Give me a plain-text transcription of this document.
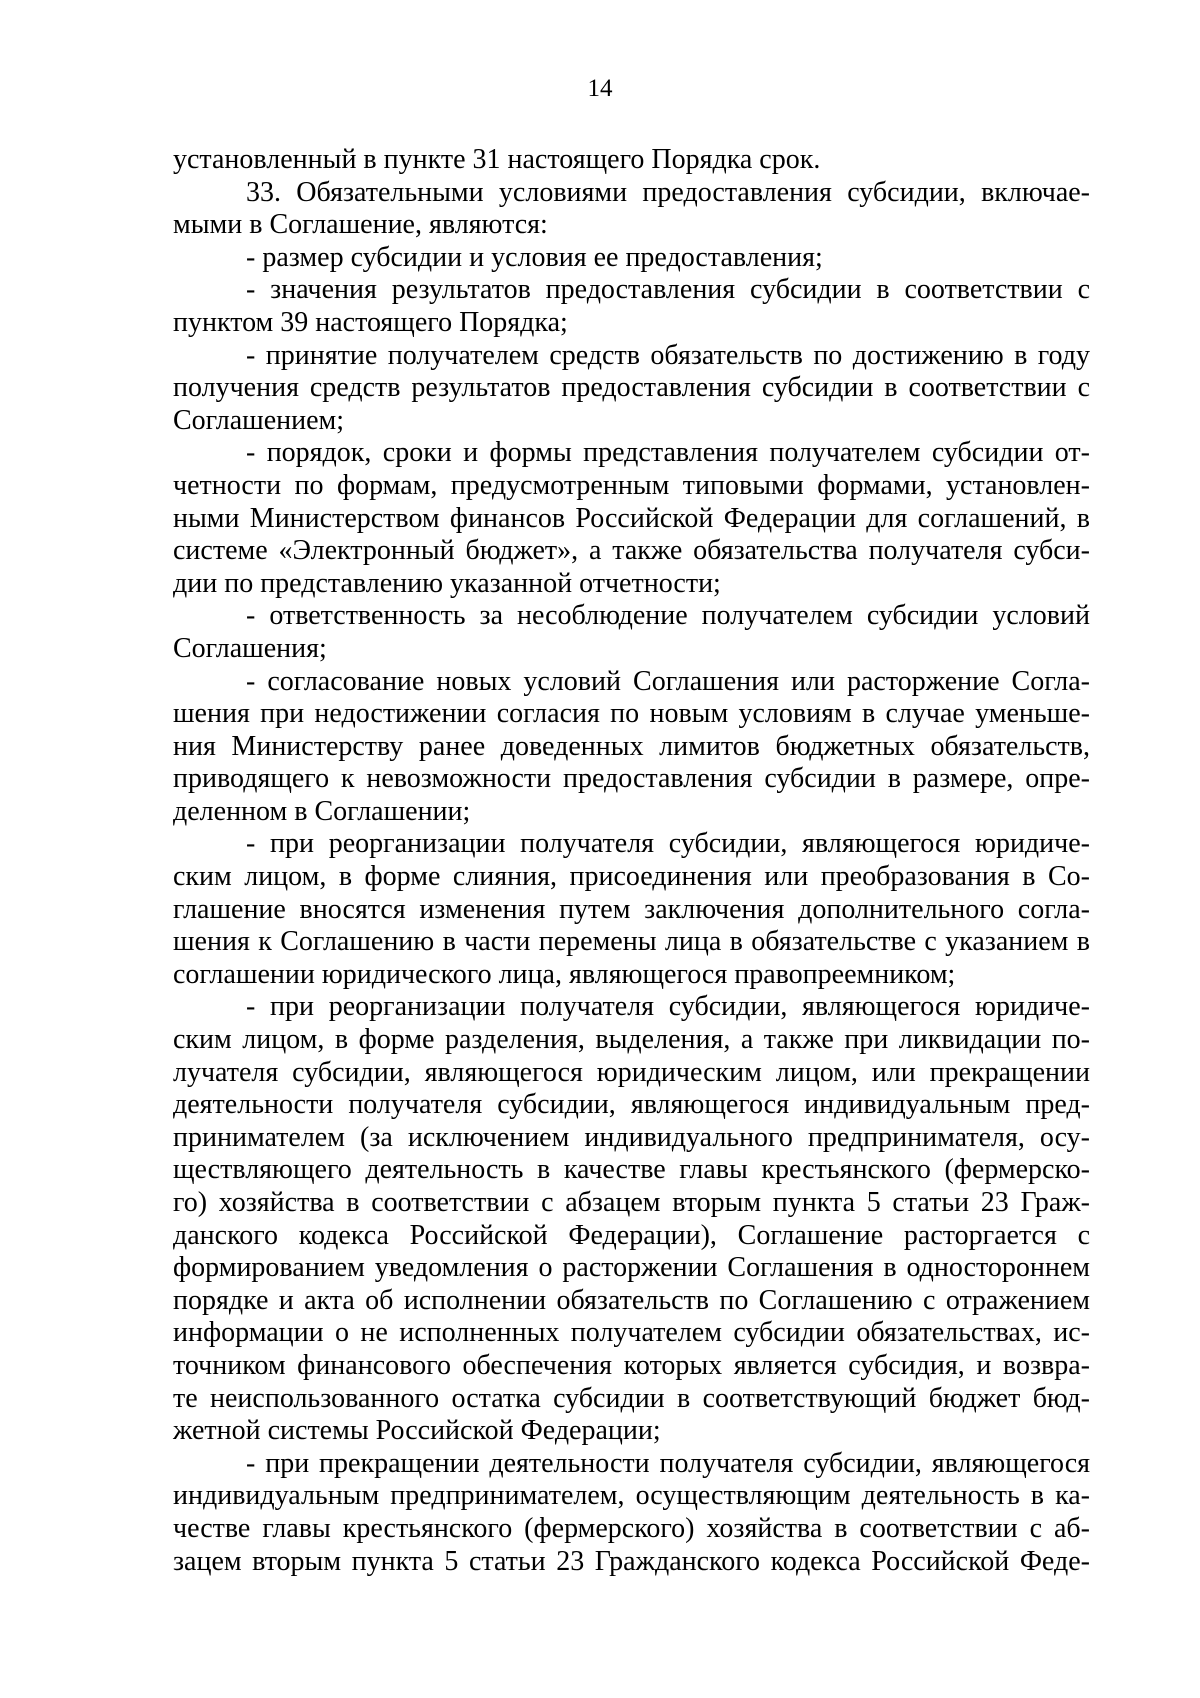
14
установленный в пункте 31 настоящего Порядка срок.
33. Обязательными условиями предоставления субсидии, включае-
мыми в Соглашение, являются:
- размер субсидии и условия ее предоставления;
- значения результатов предоставления субсидии в соответствии с
пунктом 39 настоящего Порядка;
- принятие получателем средств обязательств по достижению в году
получения средств результатов предоставления субсидии в соответствии с
Соглашением;
- порядок, сроки и формы представления получателем субсидии от-
четности по формам, предусмотренным типовыми формами, установлен-
ными Министерством финансов Российской Федерации для соглашений, в
системе «Электронный бюджет», а также обязательства получателя субси-
дии по представлению указанной отчетности;
- ответственность за несоблюдение получателем субсидии условий
Соглашения;
- согласование новых условий Соглашения или расторжение Согла-
шения при недостижении согласия по новым условиям в случае уменьше-
ния Министерству ранее доведенных лимитов бюджетных обязательств,
приводящего к невозможности предоставления субсидии в размере, опре-
деленном в Соглашении;
- при реорганизации получателя субсидии, являющегося юридиче-
ским лицом, в форме слияния, присоединения или преобразования в Со-
глашение вносятся изменения путем заключения дополнительного согла-
шения к Соглашению в части перемены лица в обязательстве с указанием в
соглашении юридического лица, являющегося правопреемником;
- при реорганизации получателя субсидии, являющегося юридиче-
ским лицом, в форме разделения, выделения, а также при ликвидации по-
лучателя субсидии, являющегося юридическим лицом, или прекращении
деятельности получателя субсидии, являющегося индивидуальным пред-
принимателем (за исключением индивидуального предпринимателя, осу-
ществляющего деятельность в качестве главы крестьянского (фермерско-
го) хозяйства в соответствии с абзацем вторым пункта 5 статьи 23 Граж-
данского кодекса Российской Федерации), Соглашение расторгается с
формированием уведомления о расторжении Соглашения в одностороннем
порядке и акта об исполнении обязательств по Соглашению с отражением
информации о не исполненных получателем субсидии обязательствах, ис-
точником финансового обеспечения которых является субсидия, и возвра-
те неиспользованного остатка субсидии в соответствующий бюджет бюд-
жетной системы Российской Федерации;
- при прекращении деятельности получателя субсидии, являющегося
индивидуальным предпринимателем, осуществляющим деятельность в ка-
честве главы крестьянского (фермерского) хозяйства в соответствии с аб-
зацем вторым пункта 5 статьи 23 Гражданского кодекса Российской Феде-
